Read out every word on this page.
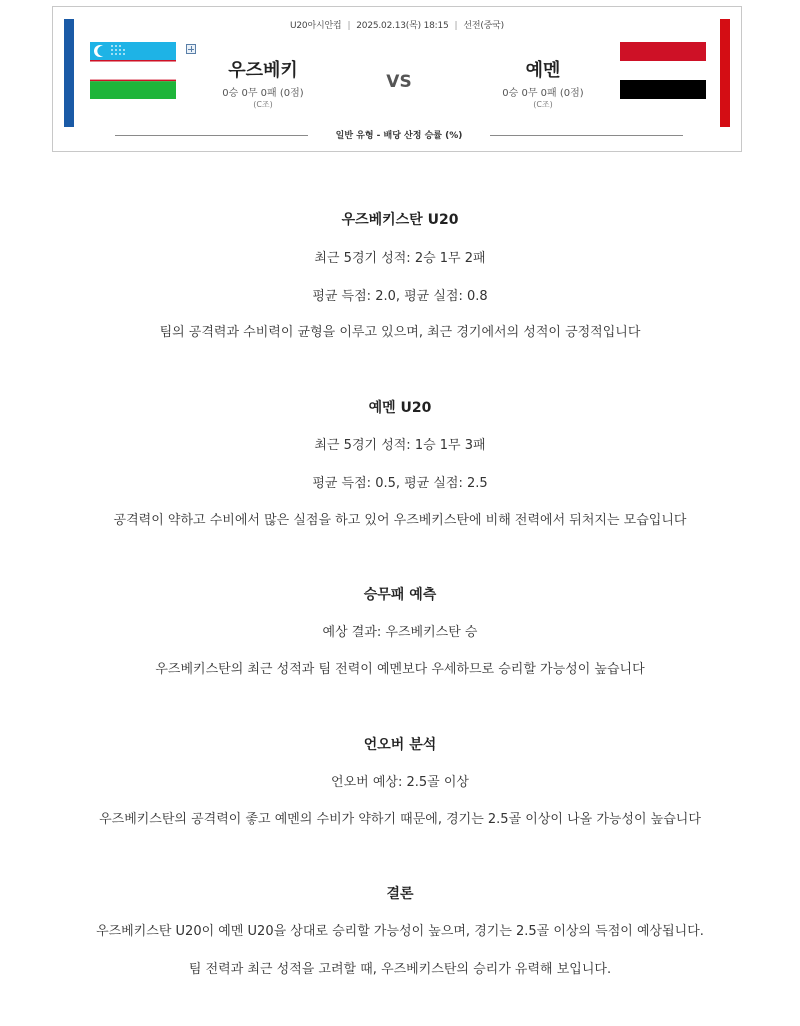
U20아시안컵 | 2025.02.13(목) 18:15 | 선전(중국)
우즈베키
0승 0무 0패 (0점)
(C조)
VS
예멘
0승 0무 0패 (0점)
(C조)
일반 유형 - 배당 산정 승률 (%)
우즈베키스탄 U20
최근 5경기 성적: 2승 1무 2패
평균 득점: 2.0, 평균 실점: 0.8
팀의 공격력과 수비력이 균형을 이루고 있으며, 최근 경기에서의 성적이 긍정적입니다
예멘 U20
최근 5경기 성적: 1승 1무 3패
평균 득점: 0.5, 평균 실점: 2.5
공격력이 약하고 수비에서 많은 실점을 하고 있어 우즈베키스탄에 비해 전력에서 뒤처지는 모습입니다
승무패 예측
예상 결과: 우즈베키스탄 승
우즈베키스탄의 최근 성적과 팀 전력이 예멘보다 우세하므로 승리할 가능성이 높습니다
언오버 분석
언오버 예상: 2.5골 이상
우즈베키스탄의 공격력이 좋고 예멘의 수비가 약하기 때문에, 경기는 2.5골 이상이 나올 가능성이 높습니다
결론
우즈베키스탄 U20이 예멘 U20을 상대로 승리할 가능성이 높으며, 경기는 2.5골 이상의 득점이 예상됩니다.
팀 전력과 최근 성적을 고려할 때, 우즈베키스탄의 승리가 유력해 보입니다.
